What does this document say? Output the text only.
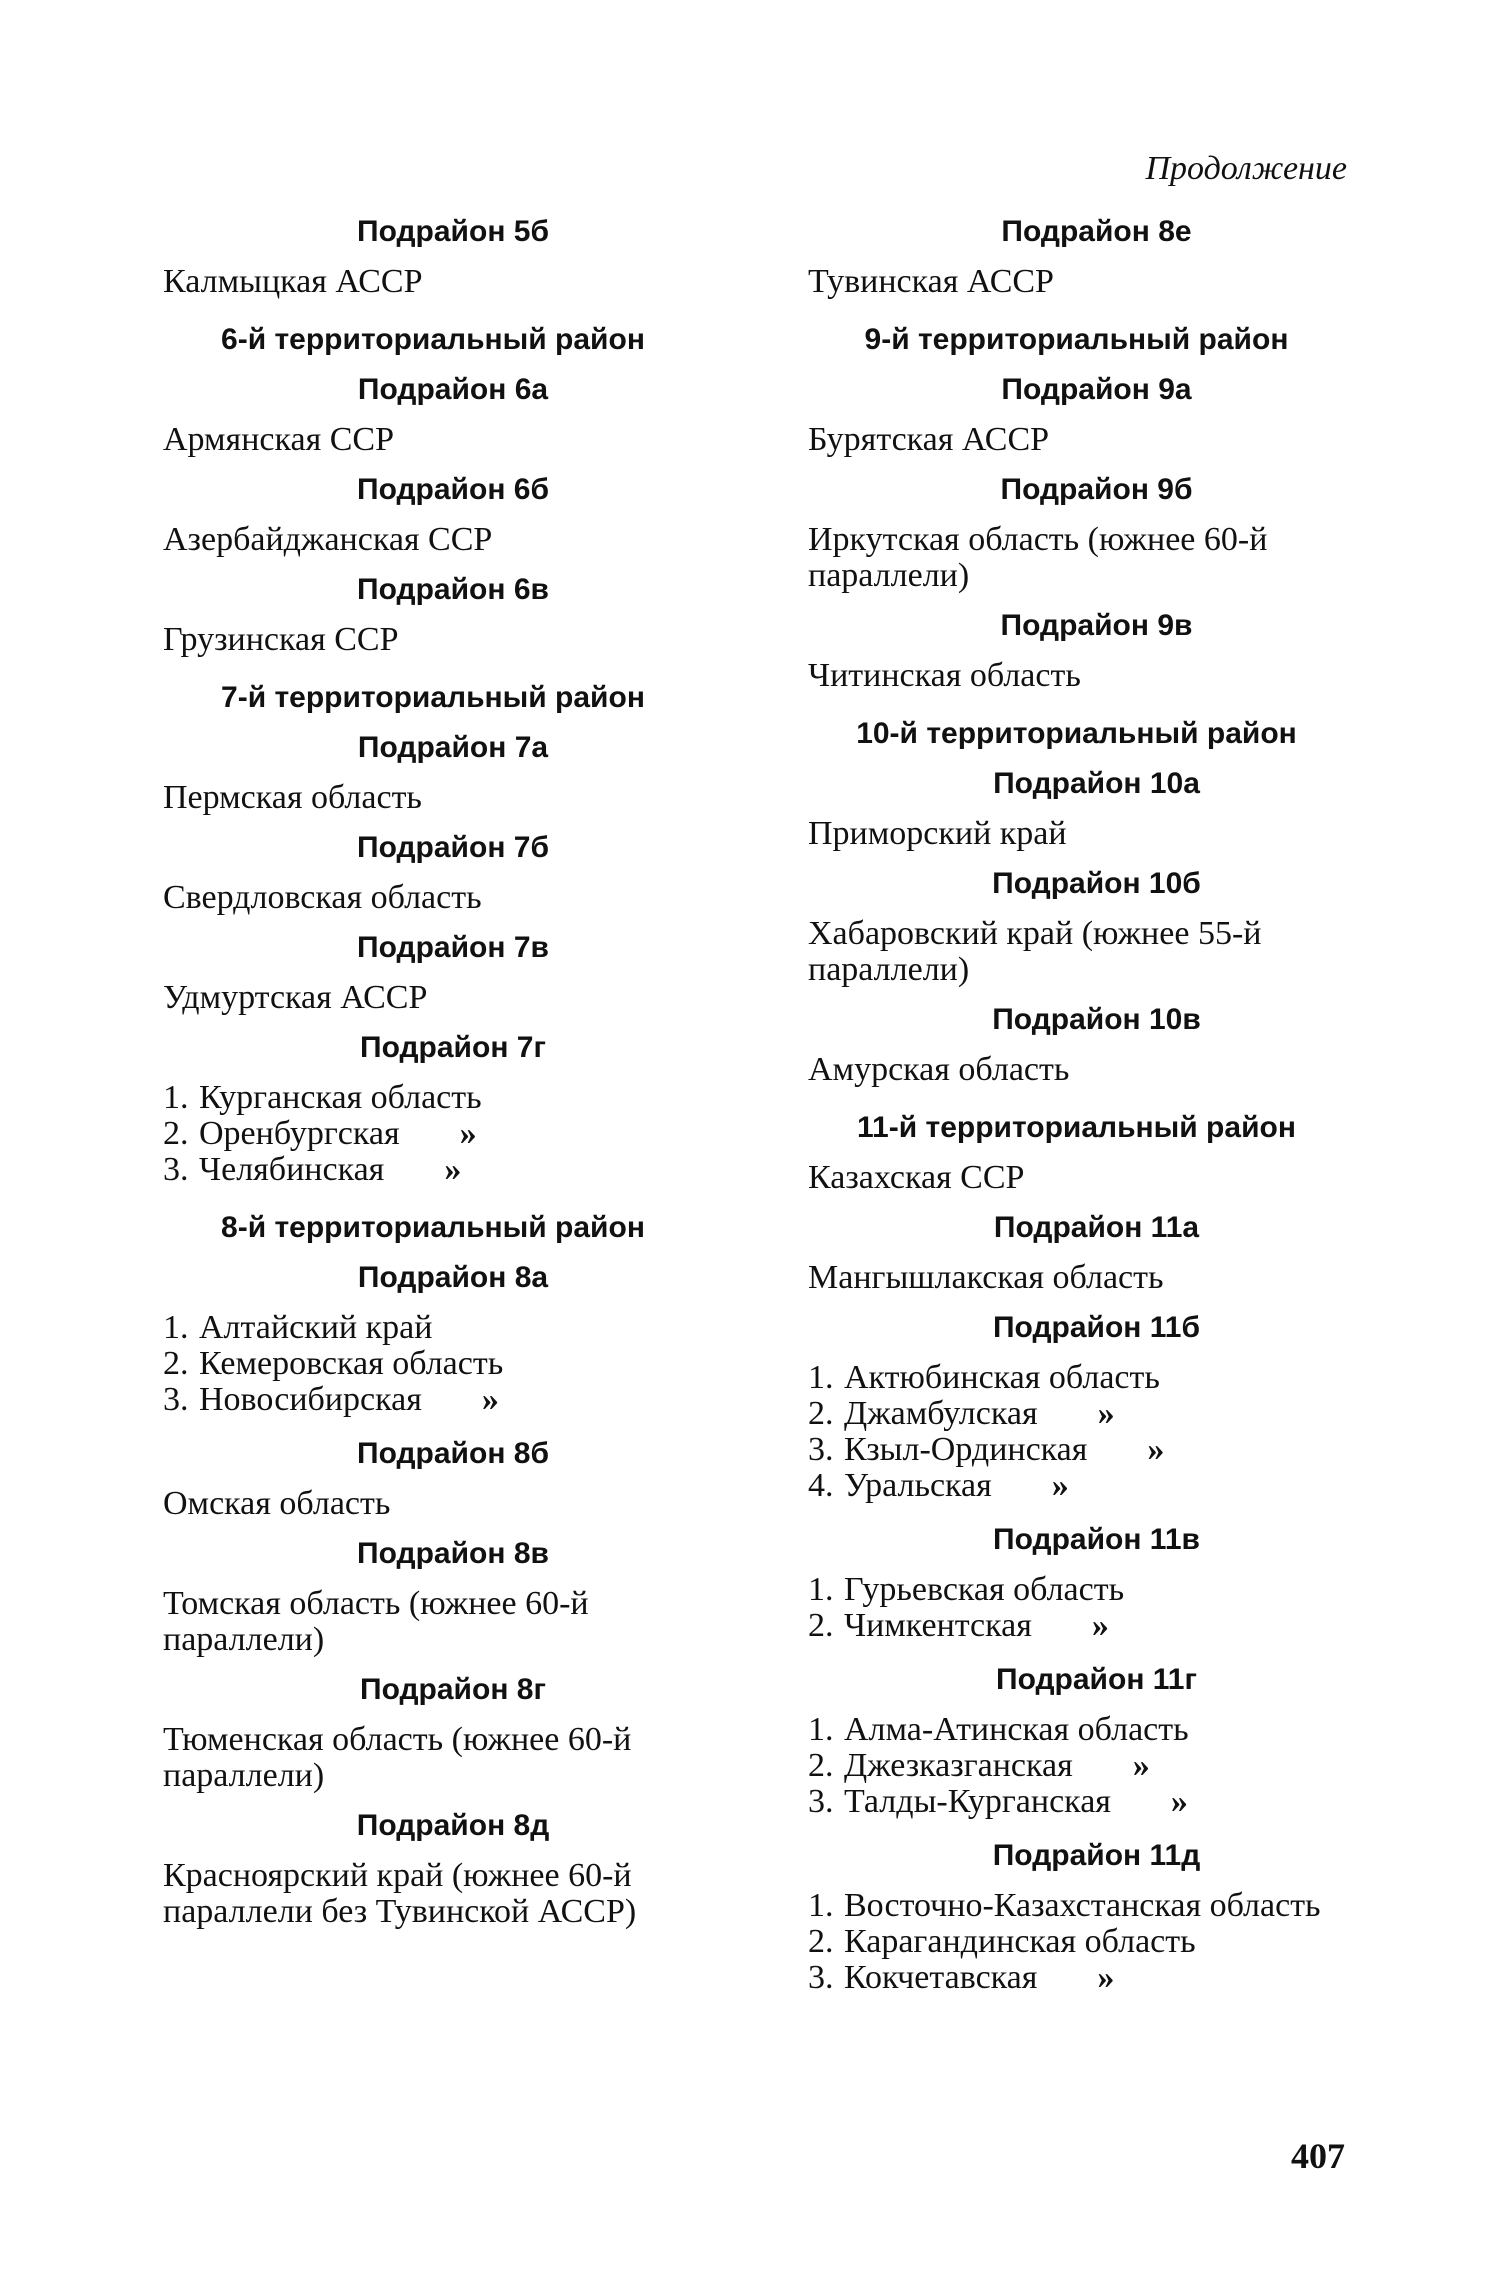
Продолжение
Подрайон 5б
Калмыцкая АССР
6-й территориальный район
Подрайон 6а
Армянская ССР
Подрайон 6б
Азербайджанская ССР
Подрайон 6в
Грузинская ССР
7-й территориальный район
Подрайон 7а
Пермская область
Подрайон 7б
Свердловская область
Подрайон 7в
Удмуртская АССР
Подрайон 7г
1. Курганская область
2. Оренбургская »
3. Челябинская »
8-й территориальный район
Подрайон 8а
1. Алтайский край
2. Кемеровская область
3. Новосибирская »
Подрайон 8б
Омская область
Подрайон 8в
Томская область (южнее 60-й параллели)
Подрайон 8г
Тюменская область (южнее 60-й параллели)
Подрайон 8д
Красноярский край (южнее 60-й параллели без Тувинской АССР)
Подрайон 8е
Тувинская АССР
9-й территориальный район
Подрайон 9а
Бурятская АССР
Подрайон 9б
Иркутская область (южнее 60-й параллели)
Подрайон 9в
Читинская область
10-й территориальный район
Подрайон 10а
Приморский край
Подрайон 10б
Хабаровский край (южнее 55-й параллели)
Подрайон 10в
Амурская область
11-й территориальный район
Казахская ССР
Подрайон 11а
Мангышлакская область
Подрайон 11б
1. Актюбинская область
2. Джамбулская »
3. Кзыл-Ординская »
4. Уральская »
Подрайон 11в
1. Гурьевская область
2. Чимкентская »
Подрайон 11г
1. Алма-Атинская область
2. Джезказганская »
3. Талды-Курганская »
Подрайон 11д
1. Восточно-Казахстанская область
2. Карагандинская область
3. Кокчетавская »
407
